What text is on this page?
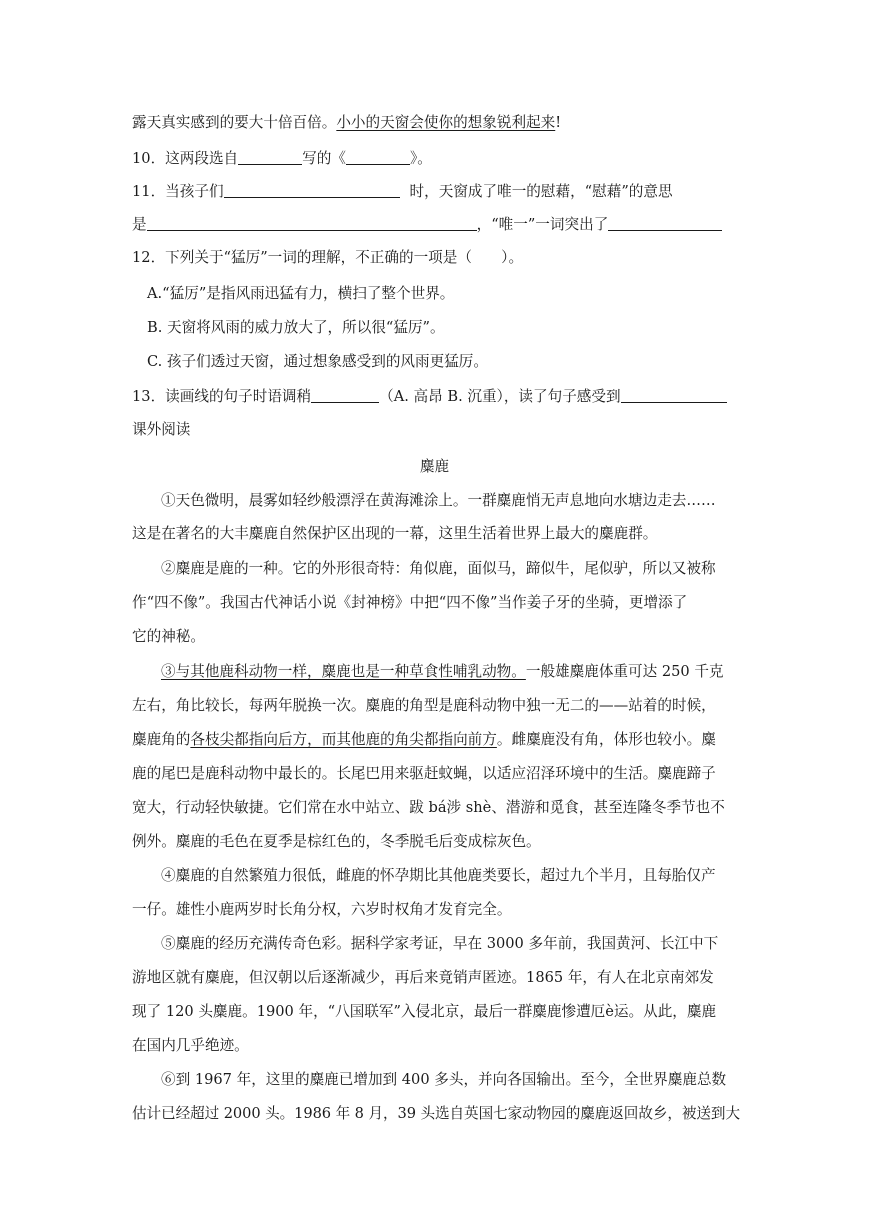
露天真实感到的要大十倍百倍。小小的天窗会使你的想象锐利起来!
10．这两段选自	写的《	》。
11．当孩子们	时，天窗成了唯一的慰藉，“慰藉”的意思
是	，“唯一”一词突出了
12．下列关于“猛厉”一词的理解，不正确的一项是（　　）。
A.“猛厉”是指风雨迅猛有力，横扫了整个世界。
B. 天窗将风雨的威力放大了，所以很“猛厉”。
C. 孩子们透过天窗，通过想象感受到的风雨更猛厉。
13．读画线的句子时语调稍	（A. 高昂 B. 沉重），读了句子感受到
课外阅读
麋鹿
①天色微明，晨雾如轻纱般漂浮在黄海滩涂上。一群麋鹿悄无声息地向水塘边走去……
这是在著名的大丰麋鹿自然保护区出现的一幕，这里生活着世界上最大的麋鹿群。
②麋鹿是鹿的一种。它的外形很奇特：角似鹿，面似马，蹄似牛，尾似驴，所以又被称
作“四不像”。我国古代神话小说《封神榜》中把“四不像”当作姜子牙的坐骑，更增添了
它的神秘。
③与其他鹿科动物一样，麋鹿也是一种草食性哺乳动物。一般雄麋鹿体重可达 250 千克
左右，角比较长，每两年脱换一次。麋鹿的角型是鹿科动物中独一无二的——站着的时候，
麋鹿角的各枝尖都指向后方，而其他鹿的角尖都指向前方。雌麋鹿没有角，体形也较小。麋
鹿的尾巴是鹿科动物中最长的。长尾巴用来驱赶蚊蝇，以适应沼泽环境中的生活。麋鹿蹄子
宽大，行动轻快敏捷。它们常在水中站立、跋 bá涉 shè、潜游和觅食，甚至连隆冬季节也不
例外。麋鹿的毛色在夏季是棕红色的，冬季脱毛后变成棕灰色。
④麋鹿的自然繁殖力很低，雌鹿的怀孕期比其他鹿类要长，超过九个半月，且每胎仅产
一仔。雄性小鹿两岁时长角分权，六岁时权角才发育完全。
⑤麋鹿的经历充满传奇色彩。据科学家考证，早在 3000 多年前，我国黄河、长江中下
游地区就有麋鹿，但汉朝以后逐渐减少，再后来竟销声匿迹。1865 年，有人在北京南郊发
现了 120 头麋鹿。1900 年，“八国联军”入侵北京，最后一群麋鹿惨遭厄è运。从此，麋鹿
在国内几乎绝迹。
⑥到 1967 年，这里的麋鹿已增加到 400 多头，并向各国输出。至今，全世界麋鹿总数
估计已经超过 2000 头。1986 年 8 月，39 头选自英国七家动物园的麋鹿返回故乡，被送到大
